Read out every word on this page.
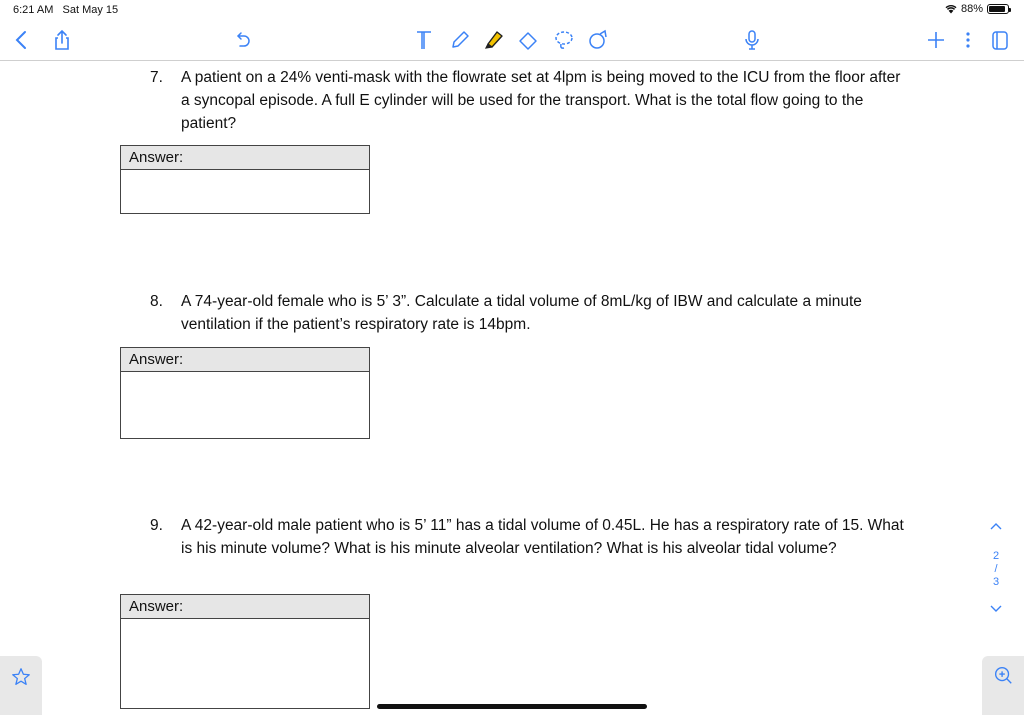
6:21 AM Sat May 15	88%
7.	A patient on a 24% venti-mask with the flowrate set at 4lpm is being moved to the ICU from the floor after a syncopal episode. A full E cylinder will be used for the transport. What is the total flow going to the patient?
Answer:
8.	A 74-year-old female who is 5’ 3”. Calculate a tidal volume of 8mL/kg of IBW and calculate a minute ventilation if the patient’s respiratory rate is 14bpm.
Answer:
9.	A 42-year-old male patient who is 5’ 11” has a tidal volume of 0.45L. He has a respiratory rate of 15. What is his minute volume? What is his minute alveolar ventilation? What is his alveolar tidal volume?
Answer:
2
/
3
